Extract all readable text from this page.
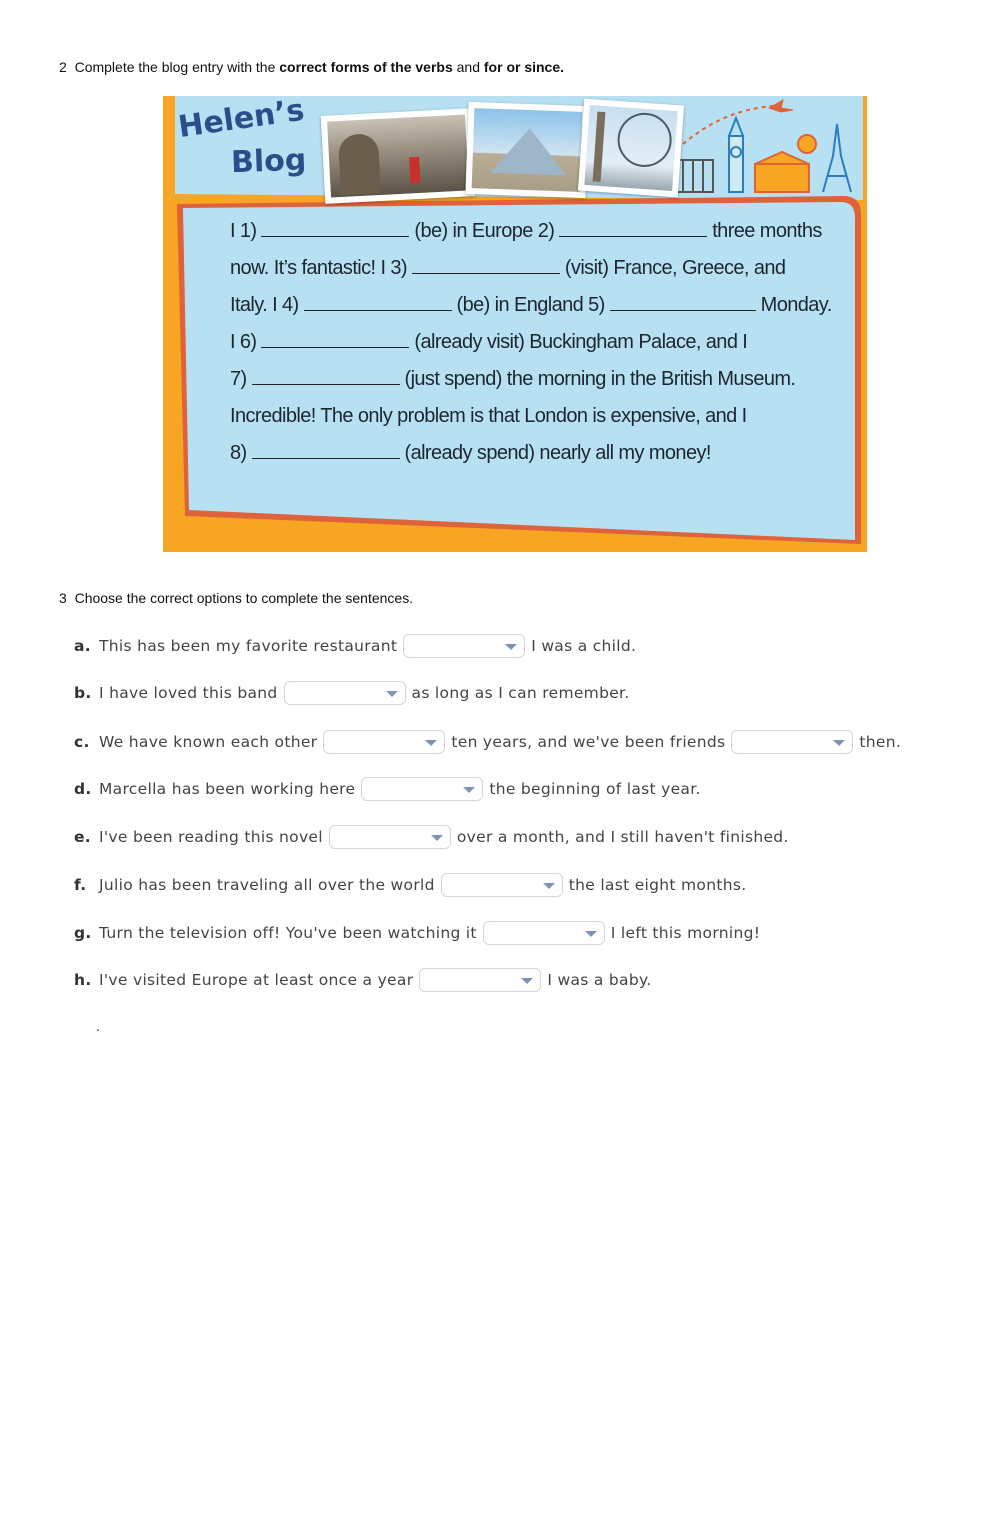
2 Complete the blog entry with the correct forms of the verbs and for or since.
Helen’s
Blog
I 1)	(be) in Europe 2)	three months
now. It’s fantastic! I 3)	(visit) France, Greece, and
Italy. I 4)	(be) in England 5)	Monday.
I 6)	(already visit) Buckingham Palace, and I
7)	(just spend) the morning in the British Museum.
Incredible! The only problem is that London is expensive, and I
8)	(already spend) nearly all my money!
3 Choose the correct options to complete the sentences.
a. This has been my favorite restaurant	I was a child.
b. I have loved this band	as long as I can remember.
c. We have known each other	ten years, and we've been friends	then.
d. Marcella has been working here	the beginning of last year.
e. I've been reading this novel	over a month, and I still haven't finished.
f. Julio has been traveling all over the world	the last eight months.
g. Turn the television off! You've been watching it	I left this morning!
h. I've visited Europe at least once a year	I was a baby.
.
